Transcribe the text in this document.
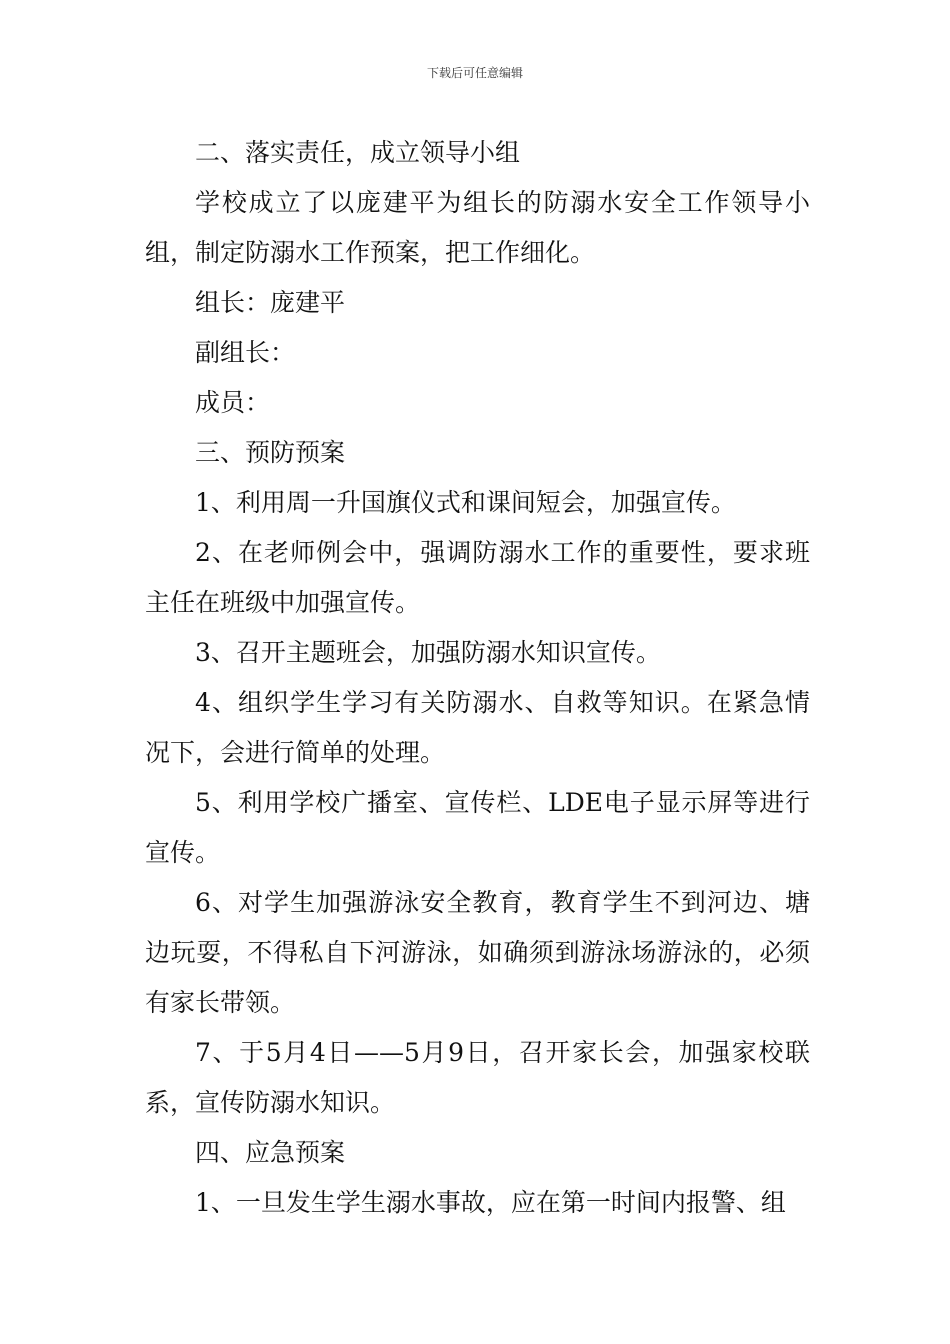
下载后可任意编辑

二、落实责任，成立领导小组

学校成立了以庞建平为组长的防溺水安全工作领导小组，制定防溺水工作预案，把工作细化。

组长：庞建平

副组长：

成员：

三、预防预案

1、利用周一升国旗仪式和课间短会，加强宣传。

2、在老师例会中，强调防溺水工作的重要性，要求班主任在班级中加强宣传。

3、召开主题班会，加强防溺水知识宣传。

4、组织学生学习有关防溺水、自救等知识。在紧急情况下，会进行简单的处理。

5、利用学校广播室、宣传栏、LDE电子显示屏等进行宣传。

6、对学生加强游泳安全教育，教育学生不到河边、塘边玩耍，不得私自下河游泳，如确须到游泳场游泳的，必须有家长带领。

7、于5月4日——5月9日，召开家长会，加强家校联系，宣传防溺水知识。

四、应急预案

1、一旦发生学生溺水事故，应在第一时间内报警、组
